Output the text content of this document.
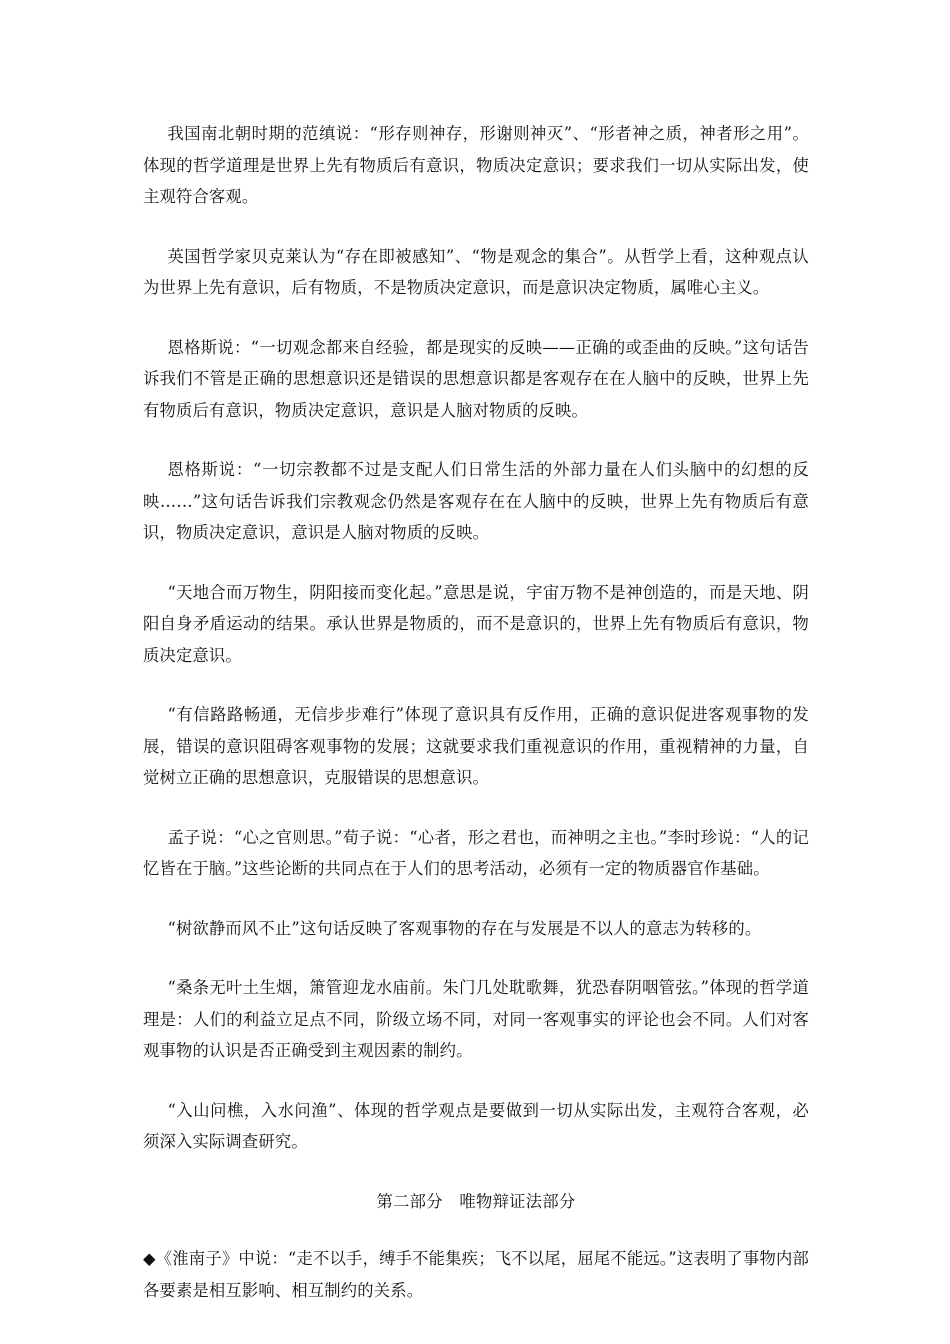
我国南北朝时期的范缜说：“形存则神存，形谢则神灭”、“形者神之质，神者形之用”。体现的哲学道理是世界上先有物质后有意识，物质决定意识；要求我们一切从实际出发，使主观符合客观。

英国哲学家贝克莱认为“存在即被感知”、“物是观念的集合”。从哲学上看，这种观点认为世界上先有意识，后有物质，不是物质决定意识，而是意识决定物质，属唯心主义。

恩格斯说：“一切观念都来自经验，都是现实的反映——正确的或歪曲的反映。”这句话告诉我们不管是正确的思想意识还是错误的思想意识都是客观存在在人脑中的反映，世界上先有物质后有意识，物质决定意识，意识是人脑对物质的反映。

恩格斯说：“一切宗教都不过是支配人们日常生活的外部力量在人们头脑中的幻想的反映……”这句话告诉我们宗教观念仍然是客观存在在人脑中的反映，世界上先有物质后有意识，物质决定意识，意识是人脑对物质的反映。

“天地合而万物生，阴阳接而变化起。”意思是说，宇宙万物不是神创造的，而是天地、阴阳自身矛盾运动的结果。承认世界是物质的，而不是意识的，世界上先有物质后有意识，物质决定意识。

“有信路路畅通，无信步步难行”体现了意识具有反作用，正确的意识促进客观事物的发展，错误的意识阻碍客观事物的发展；这就要求我们重视意识的作用，重视精神的力量，自觉树立正确的思想意识，克服错误的思想意识。

孟子说：“心之官则思。”荀子说：“心者，形之君也，而神明之主也。”李时珍说：“人的记忆皆在于脑。”这些论断的共同点在于人们的思考活动，必须有一定的物质器官作基础。

“树欲静而风不止”这句话反映了客观事物的存在与发展是不以人的意志为转移的。

“桑条无叶土生烟，箫管迎龙水庙前。朱门几处耽歌舞，犹恐春阴咽管弦。”体现的哲学道理是：人们的利益立足点不同，阶级立场不同，对同一客观事实的评论也会不同。人们对客观事物的认识是否正确受到主观因素的制约。

“入山问樵，入水问渔”、体现的哲学观点是要做到一切从实际出发，主观符合客观，必须深入实际调查研究。

第二部分　唯物辩证法部分

◆《淮南子》中说：“走不以手，缚手不能集疾；飞不以尾，屈尾不能远。”这表明了事物内部各要素是相互影响、相互制约的关系。
